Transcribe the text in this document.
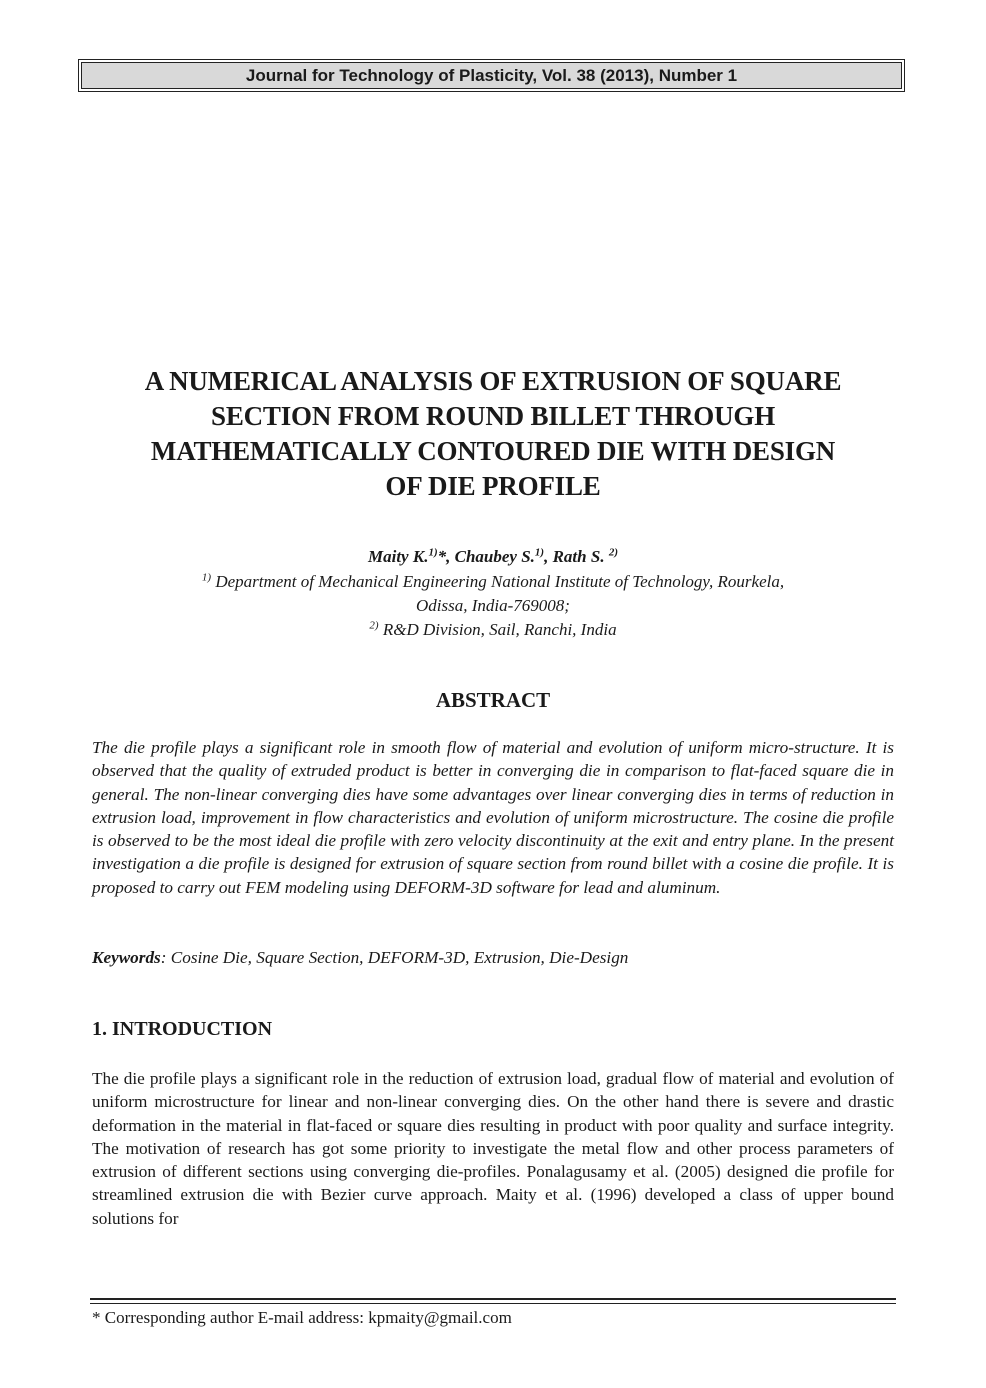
Journal for Technology of Plasticity, Vol. 38 (2013), Number 1
A NUMERICAL ANALYSIS OF EXTRUSION OF SQUARE
SECTION FROM ROUND BILLET THROUGH
MATHEMATICALLY CONTOURED DIE WITH DESIGN
OF DIE PROFILE
Maity K.$^{1)}$*, Chaubey S.$^{1)}$, Rath S. $^{2)}$
$^{1)}$ Department of Mechanical Engineering National Institute of Technology, Rourkela,
Odissa, India-769008;
$^{2)}$ R&D Division, Sail, Ranchi, India
ABSTRACT
The die profile plays a significant role in smooth flow of material and evolution of uniform micro-structure. It is observed that the quality of extruded product is better in converging die in comparison to flat-faced square die in general. The non-linear converging dies have some advantages over linear converging dies in terms of reduction in extrusion load, improvement in flow characteristics and evolution of uniform microstructure. The cosine die profile is observed to be the most ideal die profile with zero velocity discontinuity at the exit and entry plane. In the present investigation a die profile is designed for extrusion of square section from round billet with a cosine die profile. It is proposed to carry out FEM modeling using DEFORM-3D software for lead and aluminum.
Keywords: Cosine Die, Square Section, DEFORM-3D, Extrusion, Die-Design
1. INTRODUCTION
The die profile plays a significant role in the reduction of extrusion load, gradual flow of material and evolution of uniform microstructure for linear and non-linear converging dies. On the other hand there is severe and drastic deformation in the material in flat-faced or square dies resulting in product with poor quality and surface integrity. The motivation of research has got some priority to investigate the metal flow and other process parameters of extrusion of different sections using converging die-profiles. Ponalagusamy et al. (2005) designed die profile for streamlined extrusion die with Bezier curve approach. Maity et al. (1996) developed a class of upper bound solutions for
* Corresponding author E-mail address: kpmaity@gmail.com
